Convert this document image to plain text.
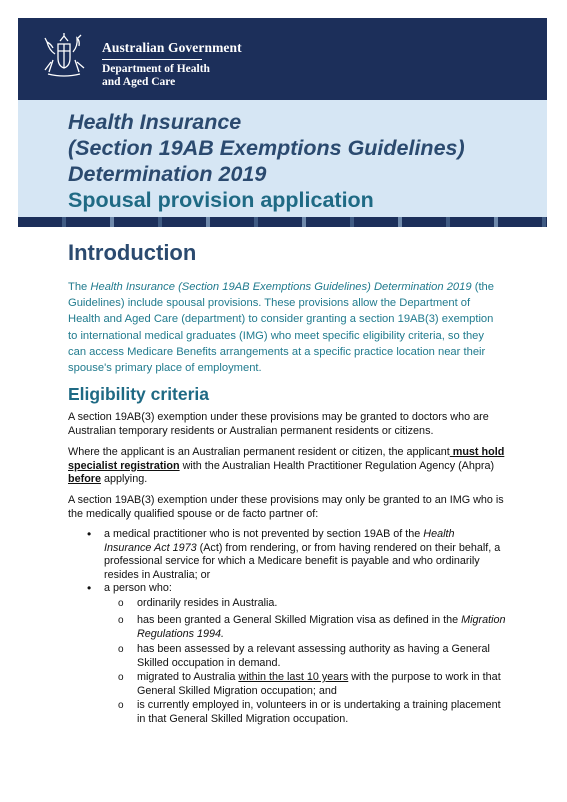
Australian Government
Department of Health
and Aged Care
Health Insurance
(Section 19AB Exemptions Guidelines)
Determination 2019
Spousal provision application
Introduction
The Health Insurance (Section 19AB Exemptions Guidelines) Determination 2019 (the Guidelines) include spousal provisions. These provisions allow the Department of Health and Aged Care (department) to consider granting a section 19AB(3) exemption to international medical graduates (IMG) who meet specific eligibility criteria, so they can access Medicare Benefits arrangements at a specific practice location near their spouse's primary place of employment.
Eligibility criteria
A section 19AB(3) exemption under these provisions may be granted to doctors who are Australian temporary residents or Australian permanent residents or citizens.
Where the applicant is an Australian permanent resident or citizen, the applicant must hold specialist registration with the Australian Health Practitioner Regulation Agency (Ahpra) before applying.
A section 19AB(3) exemption under these provisions may only be granted to an IMG who is the medically qualified spouse or de facto partner of:
• a medical practitioner who is not prevented by section 19AB of the Health Insurance Act 1973 (Act) from rendering, or from having rendered on their behalf, a professional service for which a Medicare benefit is payable and who ordinarily resides in Australia; or
• a person who:
o ordinarily resides in Australia.
o has been granted a General Skilled Migration visa as defined in the Migration Regulations 1994.
o has been assessed by a relevant assessing authority as having a General Skilled occupation in demand.
o migrated to Australia within the last 10 years with the purpose to work in that General Skilled Migration occupation; and
o is currently employed in, volunteers in or is undertaking a training placement in that General Skilled Migration occupation.
